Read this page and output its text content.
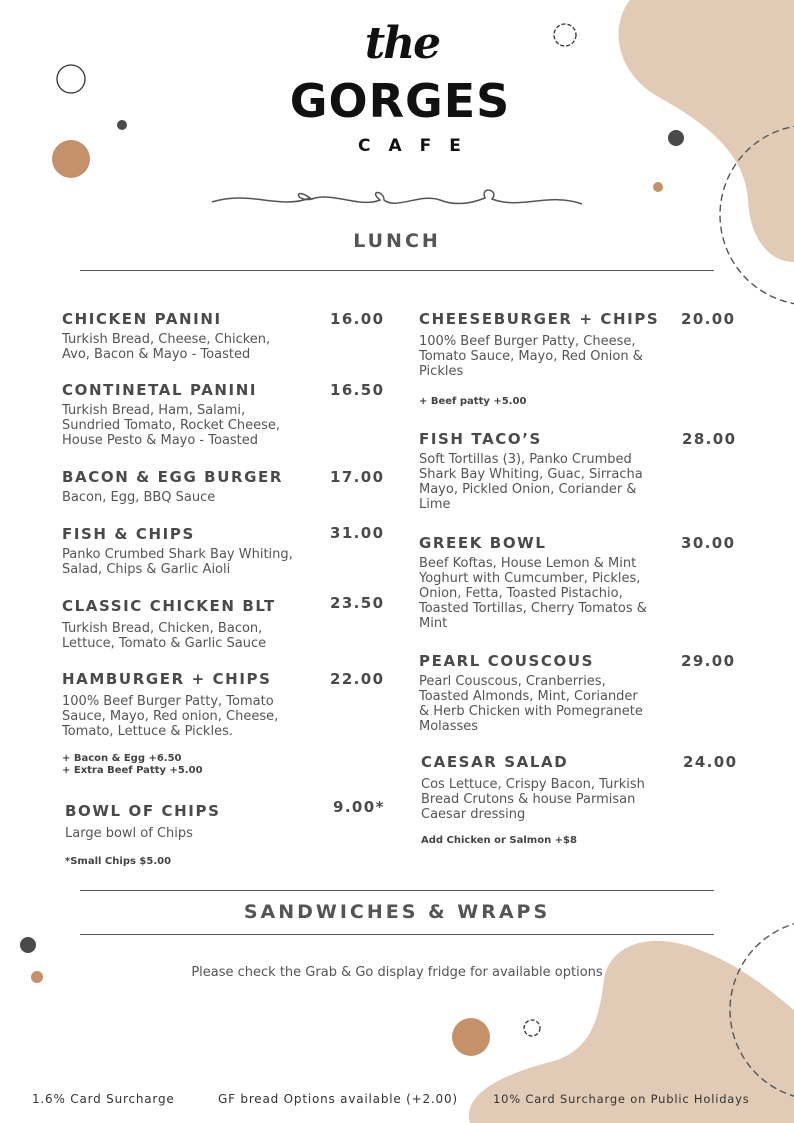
the
GORGES
CAFE
LUNCH
CHICKEN PANINI	16.00
Turkish Bread, Cheese, Chicken,
Avo, Bacon & Mayo - Toasted
CONTINETAL PANINI	16.50
Turkish Bread, Ham, Salami,
Sundried Tomato, Rocket Cheese,
House Pesto & Mayo - Toasted
BACON & EGG BURGER	17.00
Bacon, Egg, BBQ Sauce
FISH & CHIPS	31.00
Panko Crumbed Shark Bay Whiting,
Salad, Chips & Garlic Aioli
CLASSIC CHICKEN BLT	23.50
Turkish Bread, Chicken, Bacon,
Lettuce, Tomato & Garlic Sauce
HAMBURGER + CHIPS	22.00
100% Beef Burger Patty, Tomato
Sauce, Mayo, Red onion, Cheese,
Tomato, Lettuce & Pickles.
+ Bacon & Egg +6.50
+ Extra Beef Patty +5.00
BOWL OF CHIPS	9.00*
Large bowl of Chips
*Small Chips $5.00
CHEESEBURGER + CHIPS	20.00
100% Beef Burger Patty, Cheese,
Tomato Sauce, Mayo, Red Onion &
Pickles
+ Beef patty +5.00
FISH TACO’S	28.00
Soft Tortillas (3), Panko Crumbed
Shark Bay Whiting, Guac, Sirracha
Mayo, Pickled Onion, Coriander &
Lime
GREEK BOWL	30.00
Beef Koftas, House Lemon & Mint
Yoghurt with Cumcumber, Pickles,
Onion, Fetta, Toasted Pistachio,
Toasted Tortillas, Cherry Tomatos &
Mint
PEARL COUSCOUS	29.00
Pearl Couscous, Cranberries,
Toasted Almonds, Mint, Coriander
& Herb Chicken with Pomegranete
Molasses
CAESAR SALAD	24.00
Cos Lettuce, Crispy Bacon, Turkish
Bread Crutons & house Parmisan
Caesar dressing
Add Chicken or Salmon +$8
SANDWICHES & WRAPS
Please check the Grab & Go display fridge for available options
1.6% Card Surcharge	GF bread Options available (+2.00)	10% Card Surcharge on Public Holidays
